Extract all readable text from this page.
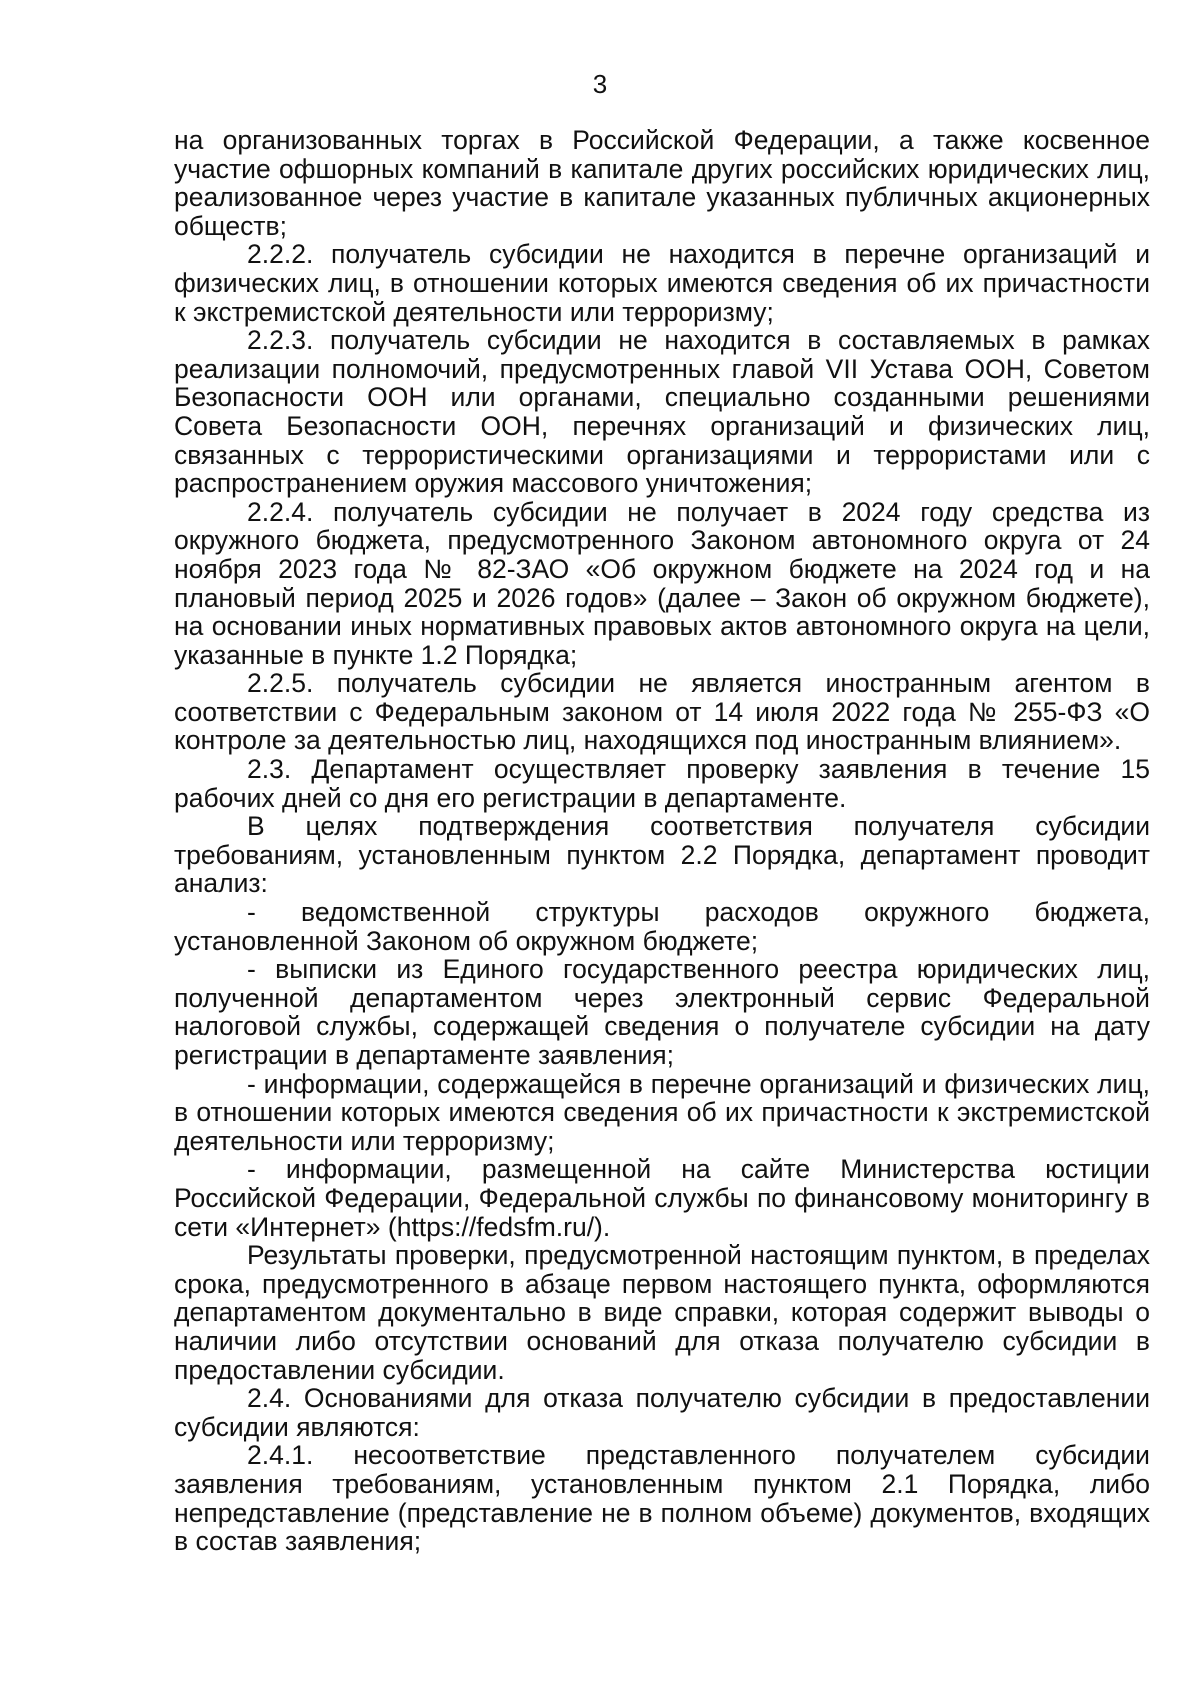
3

на организованных торгах в Российской Федерации, а также косвенное участие офшорных компаний в капитале других российских юридических лиц, реализованное через участие в капитале указанных публичных акционерных обществ;

2.2.2. получатель субсидии не находится в перечне организаций и физических лиц, в отношении которых имеются сведения об их причастности к экстремистской деятельности или терроризму;

2.2.3. получатель субсидии не находится в составляемых в рамках реализации полномочий, предусмотренных главой VII Устава ООН, Советом Безопасности ООН или органами, специально созданными решениями Совета Безопасности ООН, перечнях организаций и физических лиц, связанных с террористическими организациями и террористами или с распространением оружия массового уничтожения;

2.2.4. получатель субсидии не получает в 2024 году средства из окружного бюджета, предусмотренного Законом автономного округа от 24 ноября 2023 года № 82-ЗАО «Об окружном бюджете на 2024 год и на плановый период 2025 и 2026 годов» (далее – Закон об окружном бюджете), на основании иных нормативных правовых актов автономного округа на цели, указанные в пункте 1.2 Порядка;

2.2.5. получатель субсидии не является иностранным агентом в соответствии с Федеральным законом от 14 июля 2022 года № 255-ФЗ «О контроле за деятельностью лиц, находящихся под иностранным влиянием».

2.3. Департамент осуществляет проверку заявления в течение 15 рабочих дней со дня его регистрации в департаменте.

В целях подтверждения соответствия получателя субсидии требованиям, установленным пунктом 2.2 Порядка, департамент проводит анализ:

- ведомственной структуры расходов окружного бюджета, установленной Законом об окружном бюджете;

- выписки из Единого государственного реестра юридических лиц, полученной департаментом через электронный сервис Федеральной налоговой службы, содержащей сведения о получателе субсидии на дату регистрации в департаменте заявления;

- информации, содержащейся в перечне организаций и физических лиц, в отношении которых имеются сведения об их причастности к экстремистской деятельности или терроризму;

- информации, размещенной на сайте Министерства юстиции Российской Федерации, Федеральной службы по финансовому мониторингу в сети «Интернет» (https://fedsfm.ru/).

Результаты проверки, предусмотренной настоящим пунктом, в пределах срока, предусмотренного в абзаце первом настоящего пункта, оформляются департаментом документально в виде справки, которая содержит выводы о наличии либо отсутствии оснований для отказа получателю субсидии в предоставлении субсидии.

2.4. Основаниями для отказа получателю субсидии в предоставлении субсидии являются:

2.4.1. несоответствие представленного получателем субсидии заявления требованиям, установленным пунктом 2.1 Порядка, либо непредставление (представление не в полном объеме) документов, входящих в состав заявления;
